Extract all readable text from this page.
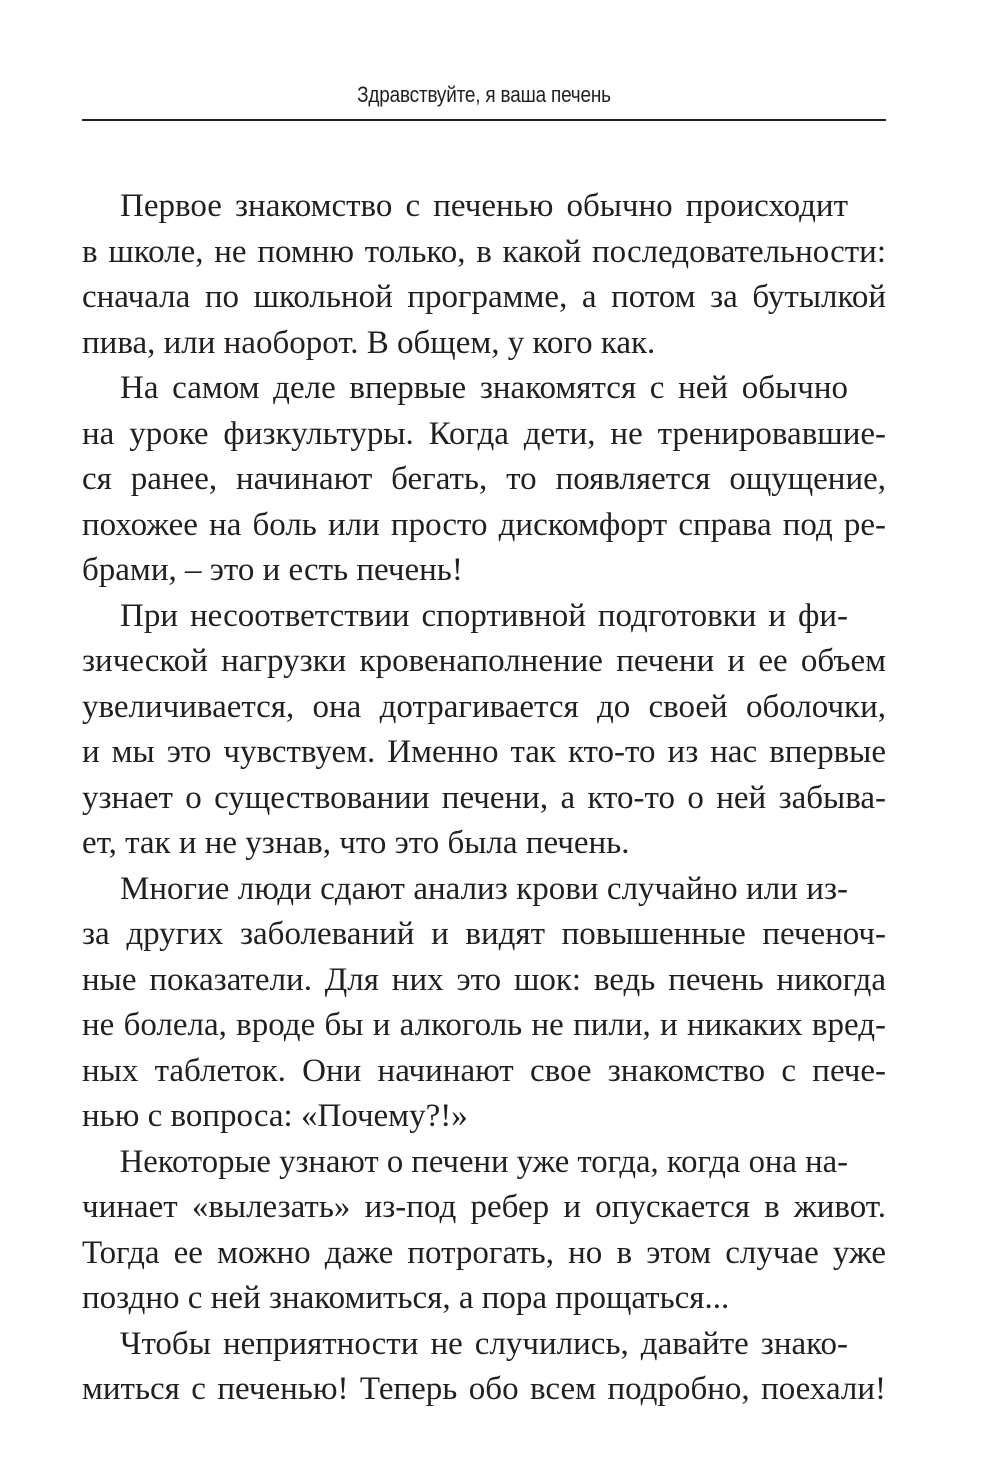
Здравствуйте, я ваша печень
Первое знакомство с печенью обычно происходит
в школе, не помню только, в какой последовательности:
сначала по школьной программе, а потом за бутылкой
пива, или наоборот. В общем, у кого как.
На самом деле впервые знакомятся с ней обычно
на уроке физкультуры. Когда дети, не тренировавшие-
ся ранее, начинают бегать, то появляется ощущение,
похожее на боль или просто дискомфорт справа под ре-
брами, – это и есть печень!
При несоответствии спортивной подготовки и фи-
зической нагрузки кровенаполнение печени и ее объем
увеличивается, она дотрагивается до своей оболочки,
и мы это чувствуем. Именно так кто-то из нас впервые
узнает о существовании печени, а кто-то о ней забыва-
ет, так и не узнав, что это была печень.
Многие люди сдают анализ крови случайно или из-
за других заболеваний и видят повышенные печеноч-
ные показатели. Для них это шок: ведь печень никогда
не болела, вроде бы и алкоголь не пили, и никаких вред-
ных таблеток. Они начинают свое знакомство с пече-
нью с вопроса: «Почему?!»
Некоторые узнают о печени уже тогда, когда она на-
чинает «вылезать» из-под ребер и опускается в живот.
Тогда ее можно даже потрогать, но в этом случае уже
поздно с ней знакомиться, а пора прощаться...
Чтобы неприятности не случились, давайте знако-
миться с печенью! Теперь обо всем подробно, поехали!
